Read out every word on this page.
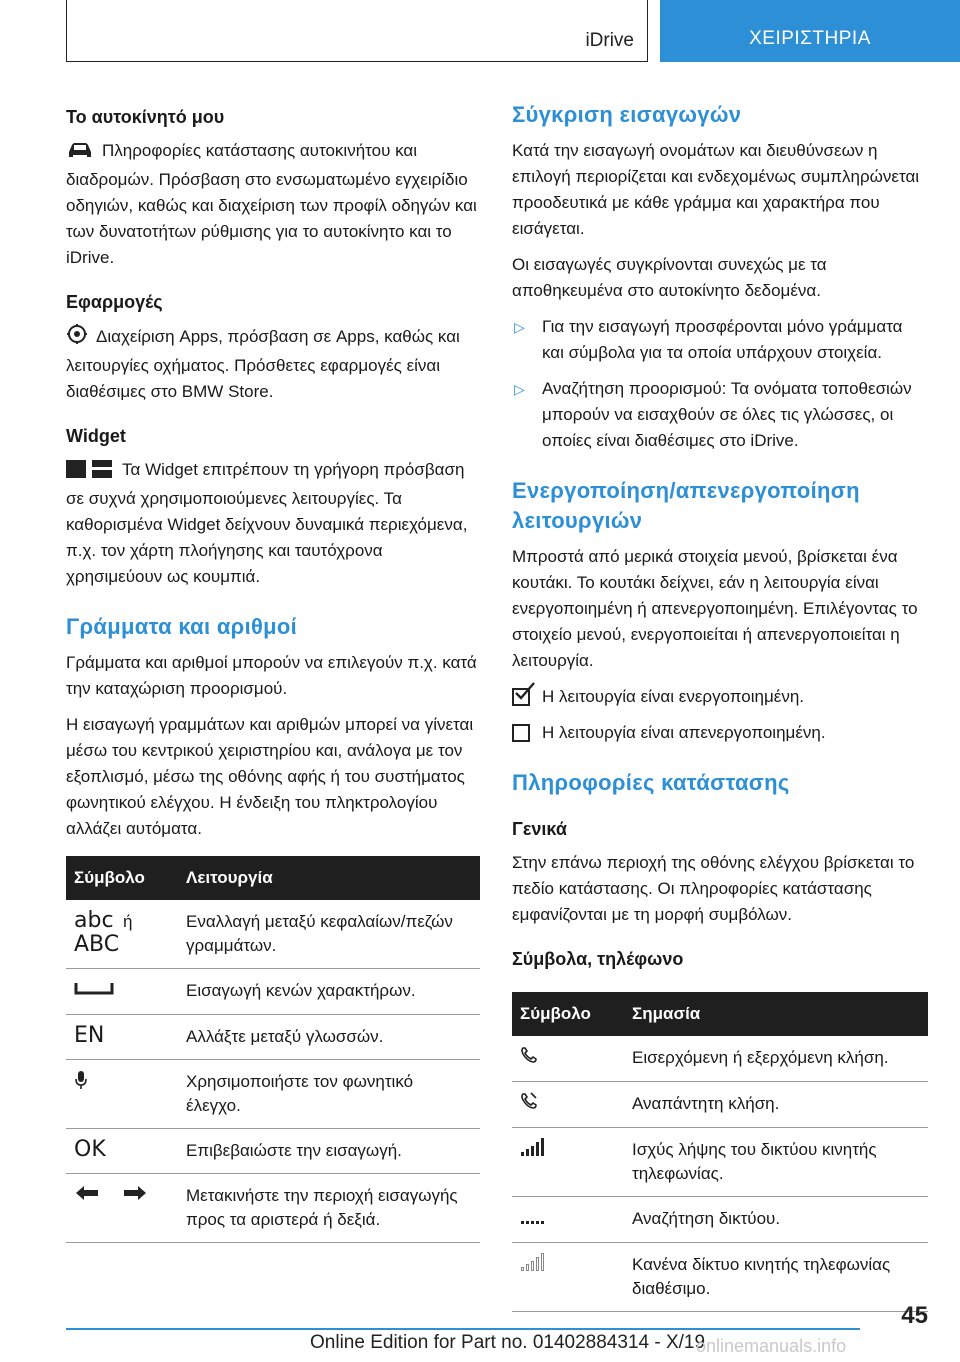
iDrive	ΧΕΙΡΙΣΤΗΡΙΑ
Το αυτοκίνητό μου

Πληροφορίες κατάστασης αυτοκινήτου και διαδρομών. Πρόσβαση στο ενσωματωμένο εγχειρίδιο οδηγιών, καθώς και διαχείριση των προφίλ οδηγών και των δυνατοτήτων ρύθμισης για το αυτοκίνητο και το iDrive.

Εφαρμογές

Διαχείριση Apps, πρόσβαση σε Apps, καθώς και λειτουργίες οχήματος. Πρόσθετες εφαρμογές είναι διαθέσιμες στο BMW Store.

Widget

Τα Widget επιτρέπουν τη γρήγορη πρόσβαση σε συχνά χρησιμοποιούμενες λειτουργίες. Τα καθορισμένα Widget δείχνουν δυναμικά περιεχόμενα, π.χ. τον χάρτη πλοήγησης και ταυτόχρονα χρησιμεύουν ως κουμπιά.

Γράμματα και αριθμοί

Γράμματα και αριθμοί μπορούν να επιλεγούν π.χ. κατά την καταχώριση προορισμού.

Η εισαγωγή γραμμάτων και αριθμών μπορεί να γίνεται μέσω του κεντρικού χειριστηρίου και, ανάλογα με τον εξοπλισμό, μέσω της οθόνης αφής ή του συστήματος φωνητικού ελέγχου. Η ένδειξη του πληκτρολογίου αλλάζει αυτόματα.

Σύμβολο	Λειτουργία

abc ή
ABC	Εναλλαγή μεταξύ κεφαλαίων/πεζών γραμμάτων.
	Εισαγωγή κενών χαρακτήρων.
EN	Αλλάξτε μεταξύ γλωσσών.
	Χρησιμοποιήστε τον φωνητικό έλεγχο.
OK	Επιβεβαιώστε την εισαγωγή.
	Μετακινήστε την περιοχή εισαγωγής προς τα αριστερά ή δεξιά.
Σύγκριση εισαγωγών

Κατά την εισαγωγή ονομάτων και διευθύνσεων η επιλογή περιορίζεται και ενδεχομένως συμπληρώνεται προοδευτικά με κάθε γράμμα και χαρακτήρα που εισάγεται.

Οι εισαγωγές συγκρίνονται συνεχώς με τα αποθηκευμένα στο αυτοκίνητο δεδομένα.

▷ Για την εισαγωγή προσφέρονται μόνο γράμματα και σύμβολα για τα οποία υπάρχουν στοιχεία.
▷ Αναζήτηση προορισμού: Τα ονόματα τοποθεσιών μπορούν να εισαχθούν σε όλες τις γλώσσες, οι οποίες είναι διαθέσιμες στο iDrive.
Ενεργοποίηση/απενεργοποίηση λειτουργιών

Μπροστά από μερικά στοιχεία μενού, βρίσκεται ένα κουτάκι. Το κουτάκι δείχνει, εάν η λειτουργία είναι ενεργοποιημένη ή απενεργοποιημένη. Επιλέγοντας το στοιχείο μενού, ενεργοποιείται ή απενεργοποιείται η λειτουργία.

Η λειτουργία είναι ενεργοποιημένη.
Η λειτουργία είναι απενεργοποιημένη.
Πληροφορίες κατάστασης
Γενικά

Στην επάνω περιοχή της οθόνης ελέγχου βρίσκεται το πεδίο κατάστασης. Οι πληροφορίες κατάστασης εμφανίζονται με τη μορφή συμβόλων.

Σύμβολα, τηλέφωνο
Σύμβολο	Σημασία
	Εισερχόμενη ή εξερχόμενη κλήση.
	Αναπάντητη κλήση.
	Ισχύς λήψης του δικτύου κινητής τηλεφωνίας.
	Αναζήτηση δικτύου.
	Κανένα δίκτυο κινητής τηλεφωνίας διαθέσιμο.
45
Online Edition for Part no. 01402884314 - X/19
onlinemanuals.info
